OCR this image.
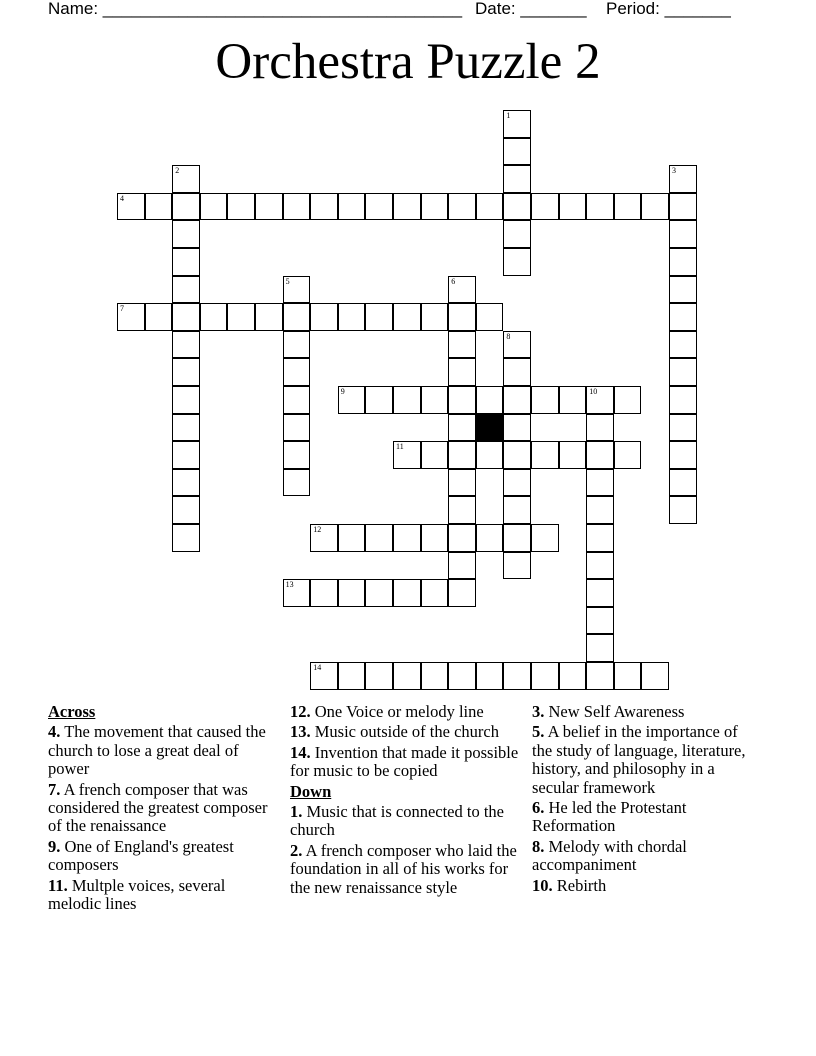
Name: ______________________________________ Date: _______ Period: _______
Orchestra Puzzle 2
1
2	3
4
5	6
7
8
9	10
11
12
13
14
Across
4. The movement that caused the church to lose a great deal of power
7. A french composer that was considered the greatest composer of the renaissance
9. One of England's greatest composers
11. Multple voices, several melodic lines
12. One Voice or melody line
13. Music outside of the church
14. Invention that made it possible for music to be copied
Down
1. Music that is connected to the church
2. A french composer who laid the foundation in all of his works for the new renaissance style
3. New Self Awareness
5. A belief in the importance of the study of language, literature, history, and philosophy in a secular framework
6. He led the Protestant Reformation
8. Melody with chordal accompaniment
10. Rebirth
